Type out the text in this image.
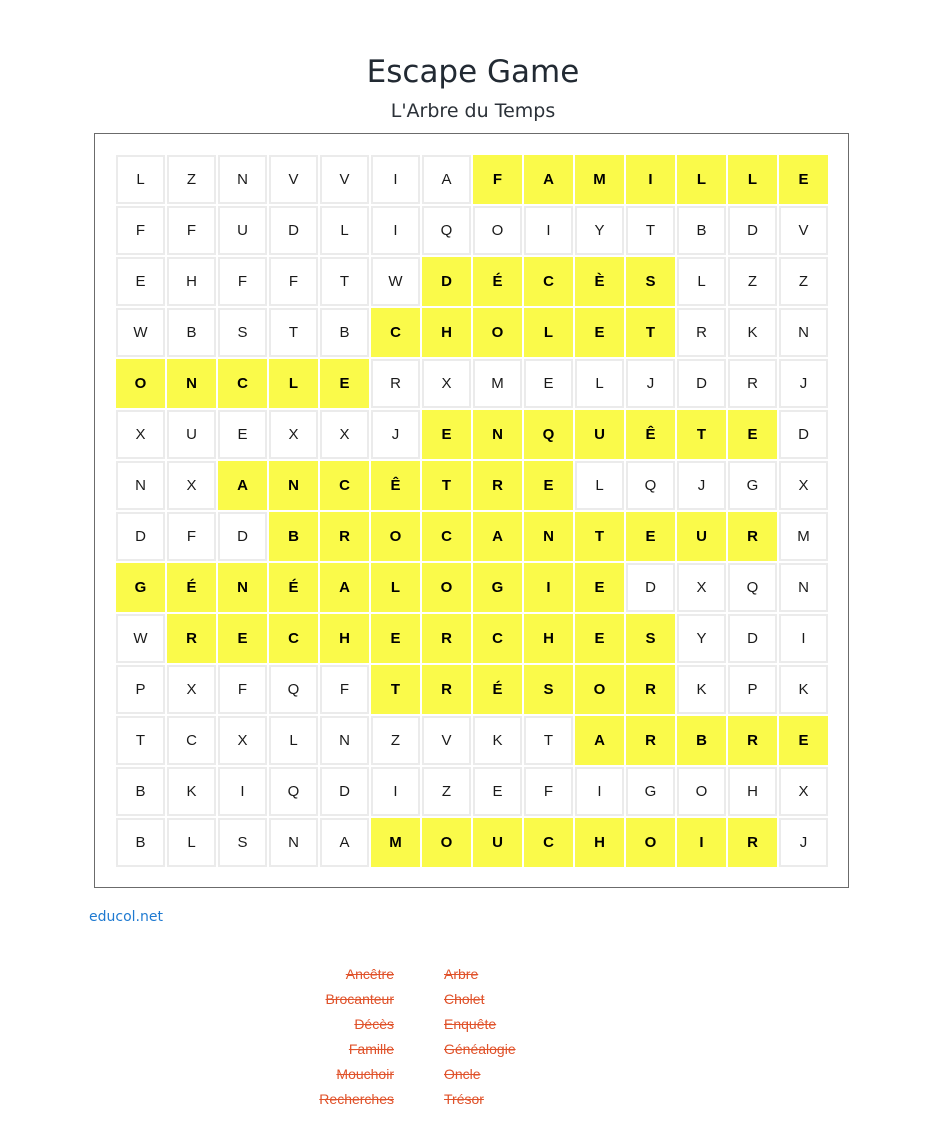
Escape Game
L'Arbre du Temps
L	Z	N	V	V	I	A	F	A	M	I	L	L	E
F	F	U	D	L	I	Q	O	I	Y	T	B	D	V
E	H	F	F	T	W	D	É	C	È	S	L	Z	Z
W	B	S	T	B	C	H	O	L	E	T	R	K	N
O	N	C	L	E	R	X	M	E	L	J	D	R	J
X	U	E	X	X	J	E	N	Q	U	Ê	T	E	D
N	X	A	N	C	Ê	T	R	E	L	Q	J	G	X
D	F	D	B	R	O	C	A	N	T	E	U	R	M
G	É	N	É	A	L	O	G	I	E	D	X	Q	N
W	R	E	C	H	E	R	C	H	E	S	Y	D	I
P	X	F	Q	F	T	R	É	S	O	R	K	P	K
T	C	X	L	N	Z	V	K	T	A	R	B	R	E
B	K	I	Q	D	I	Z	E	F	I	G	O	H	X
B	L	S	N	A	M	O	U	C	H	O	I	R	J
educol.net
Ancêtre
Brocanteur
Décès
Famille
Mouchoir
Recherches
Arbre
Cholet
Enquête
Généalogie
Oncle
Trésor
